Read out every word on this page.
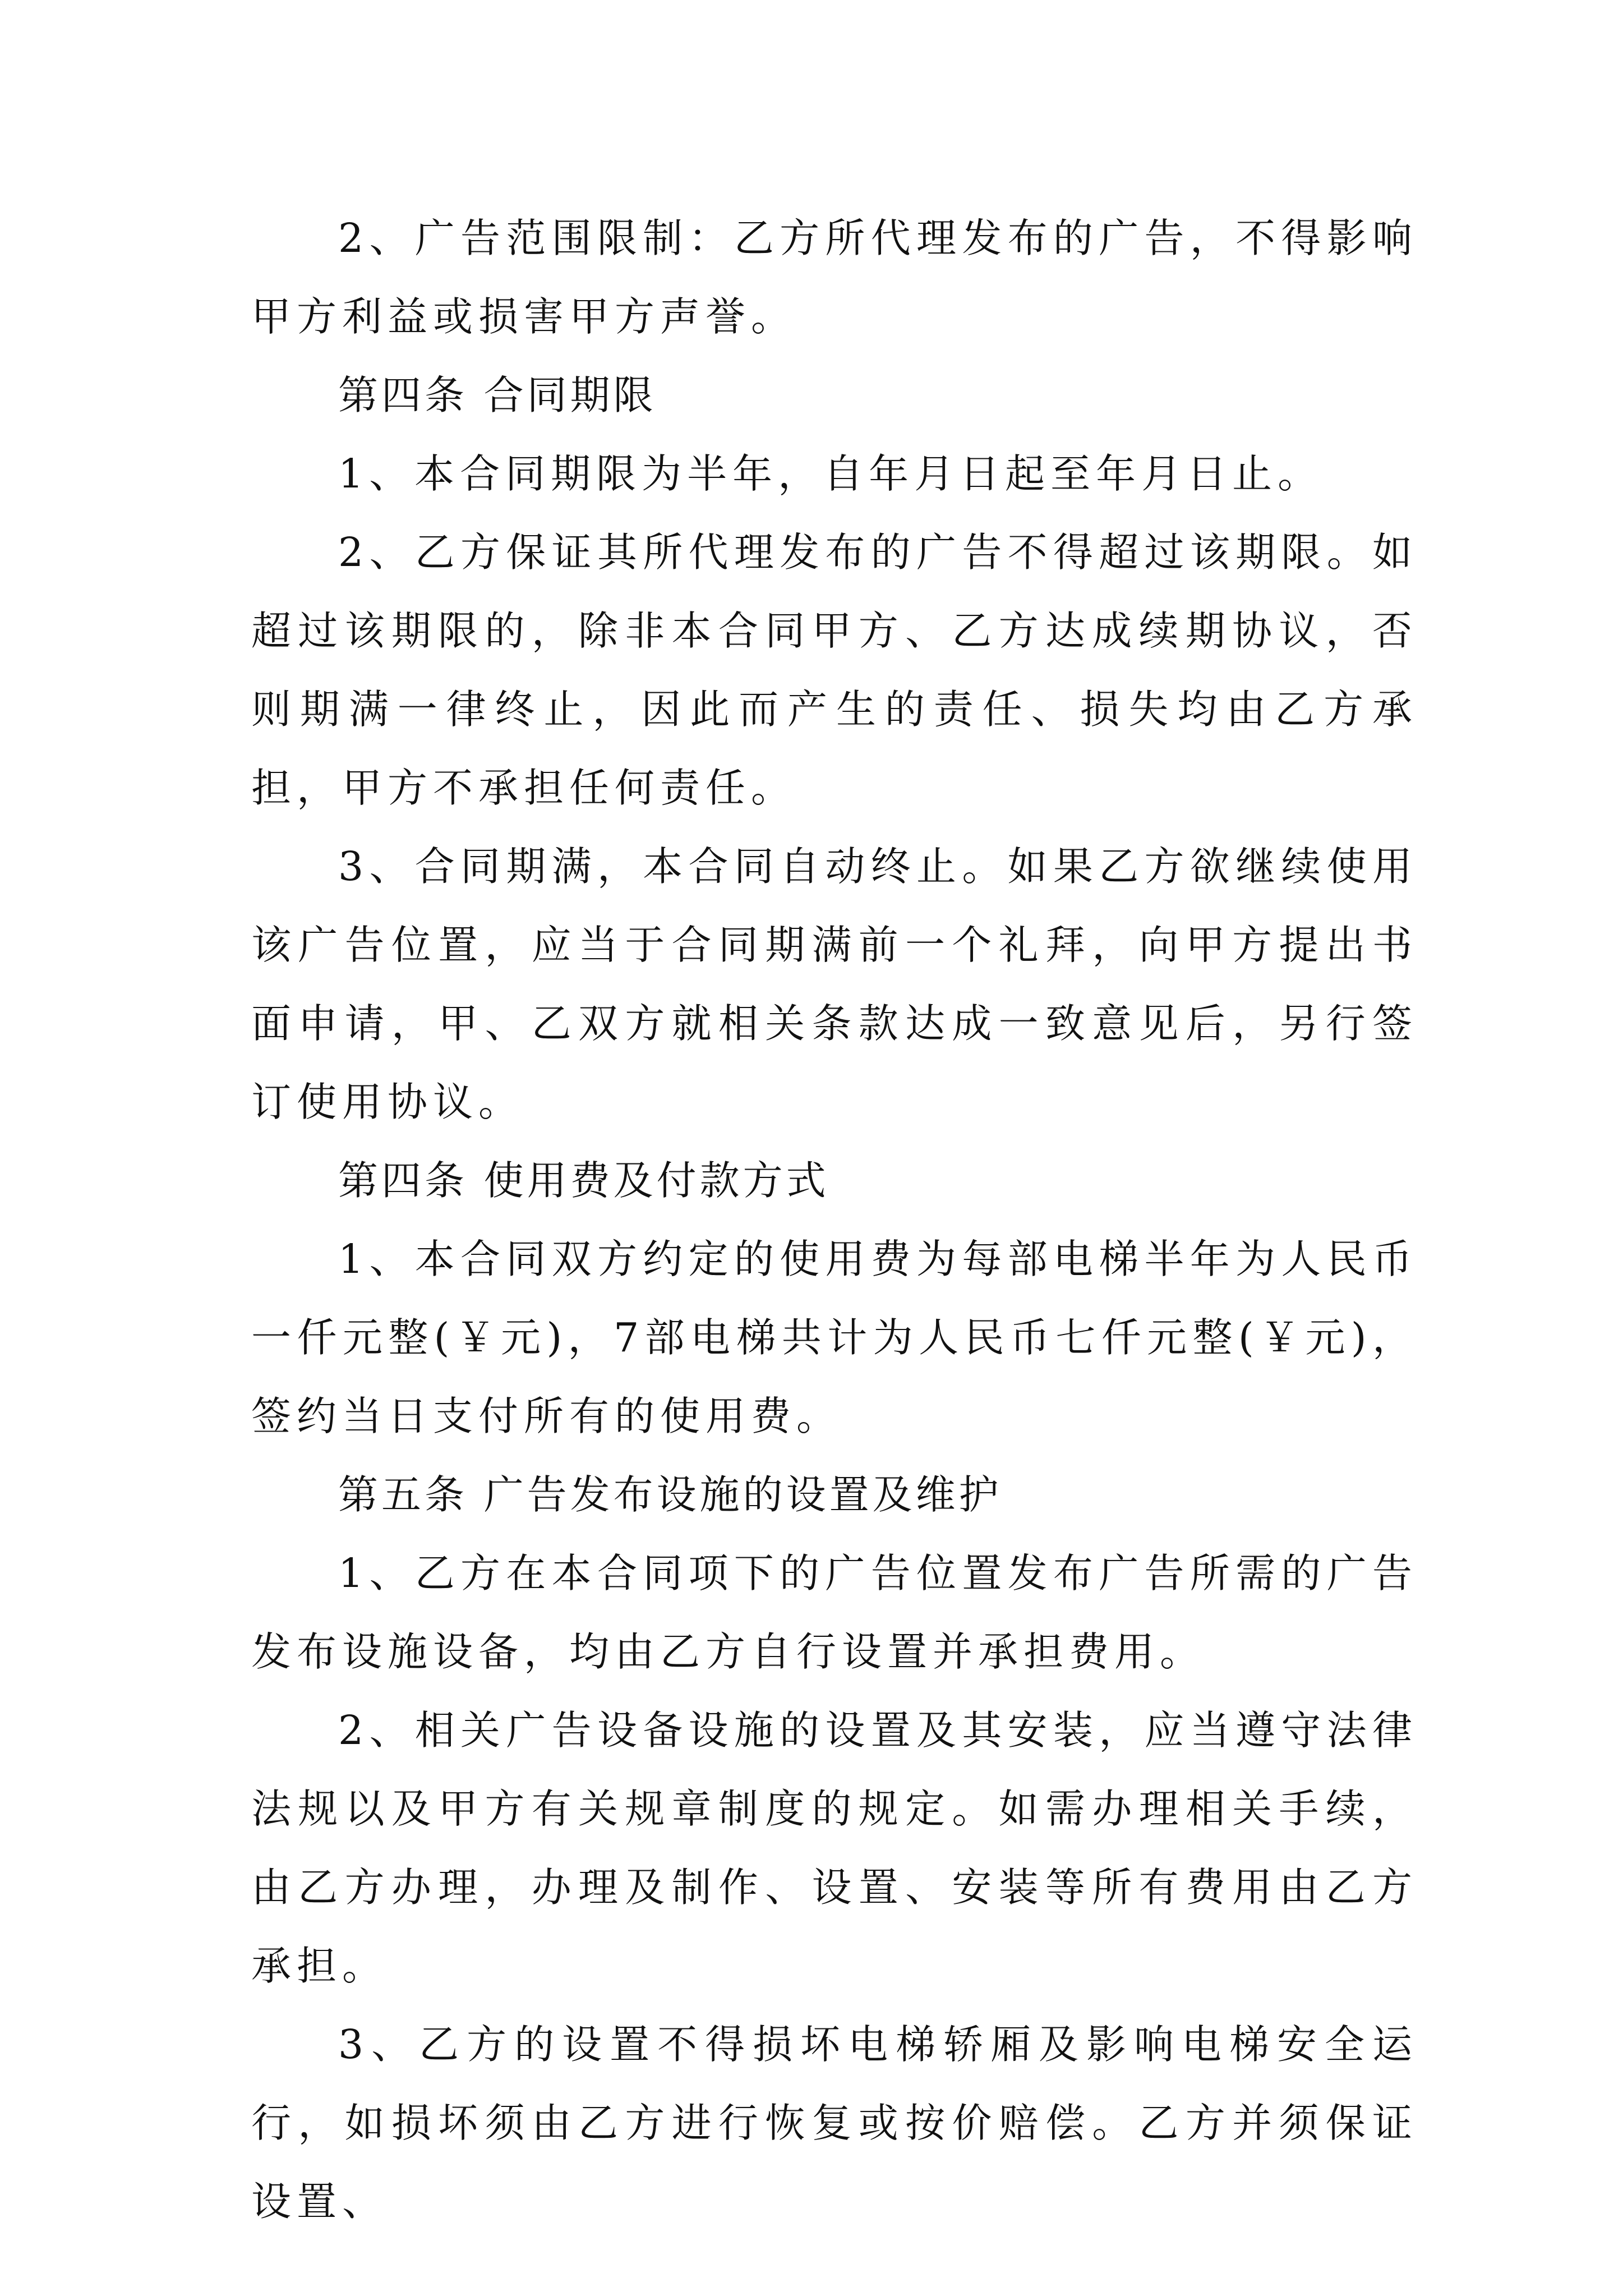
2、广告范围限制：乙方所代理发布的广告，不得影响甲方利益或损害甲方声誉。

第四条 合同期限

1、本合同期限为半年，自年月日起至年月日止。

2、乙方保证其所代理发布的广告不得超过该期限。如超过该期限的，除非本合同甲方、乙方达成续期协议，否则期满一律终止，因此而产生的责任、损失均由乙方承担，甲方不承担任何责任。

3、合同期满，本合同自动终止。如果乙方欲继续使用该广告位置，应当于合同期满前一个礼拜，向甲方提出书面申请，甲、乙双方就相关条款达成一致意见后，另行签订使用协议。

第四条 使用费及付款方式

1、本合同双方约定的使用费为每部电梯半年为人民币一仟元整(￥元)，7部电梯共计为人民币七仟元整(￥元)，签约当日支付所有的使用费。

第五条 广告发布设施的设置及维护

1、乙方在本合同项下的广告位置发布广告所需的广告发布设施设备，均由乙方自行设置并承担费用。

2、相关广告设备设施的设置及其安装，应当遵守法律法规以及甲方有关规章制度的规定。如需办理相关手续，由乙方办理，办理及制作、设置、安装等所有费用由乙方承担。

3、乙方的设置不得损坏电梯轿厢及影响电梯安全运行，如损坏须由乙方进行恢复或按价赔偿。乙方并须保证设置、
